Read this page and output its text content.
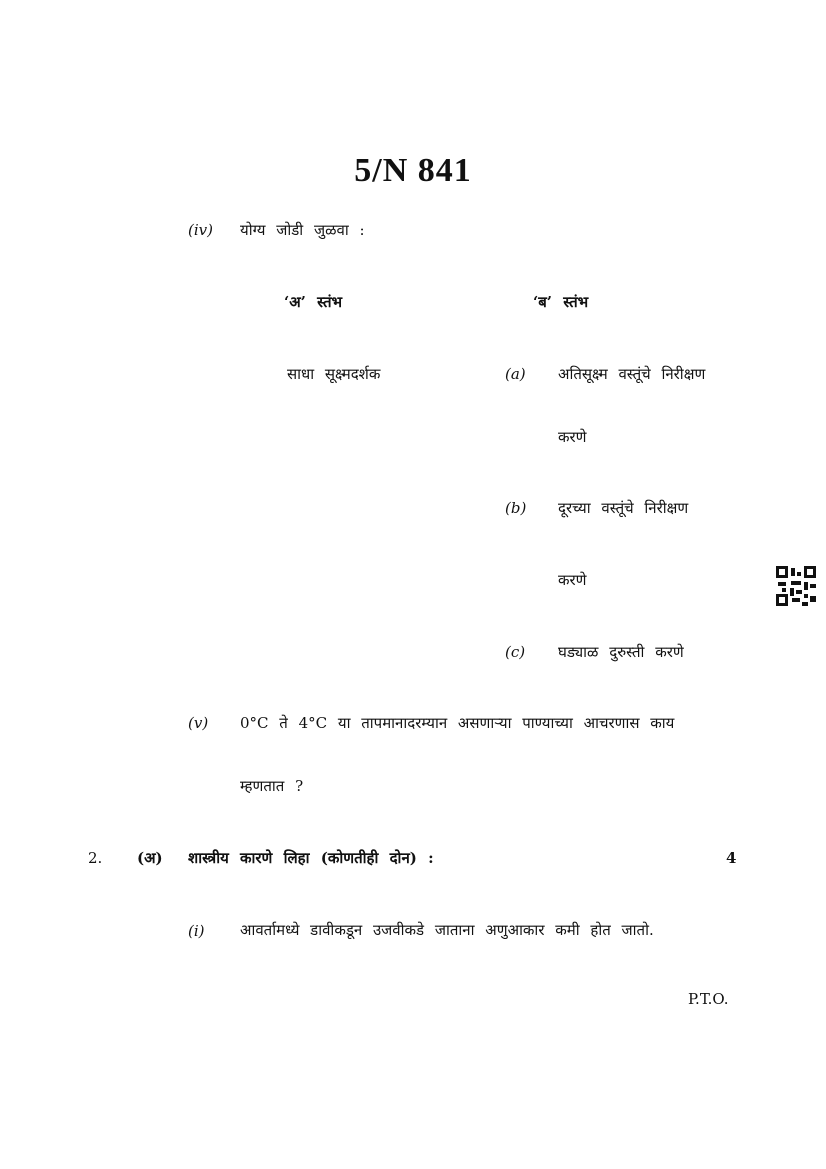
5/N 841
(iv) योग्य जोडी जुळवा :
‘अ’ स्तंभ	‘ब’ स्तंभ
साधा सूक्ष्मदर्शक	(a) अतिसूक्ष्म वस्तूंचे निरीक्षण
करणे
(b) दूरच्या वस्तूंचे निरीक्षण
करणे
(c) घड्याळ दुरुस्ती करणे
(v) 0°C ते 4°C या तापमानादरम्यान असणाऱ्या पाण्याच्या आचरणास काय
म्हणतात ?
2. (अ) शास्त्रीय कारणे लिहा (कोणतीही दोन) :	4
(i) आवर्तामध्ये डावीकडून उजवीकडे जाताना अणुआकार कमी होत जातो.
P.T.O.
